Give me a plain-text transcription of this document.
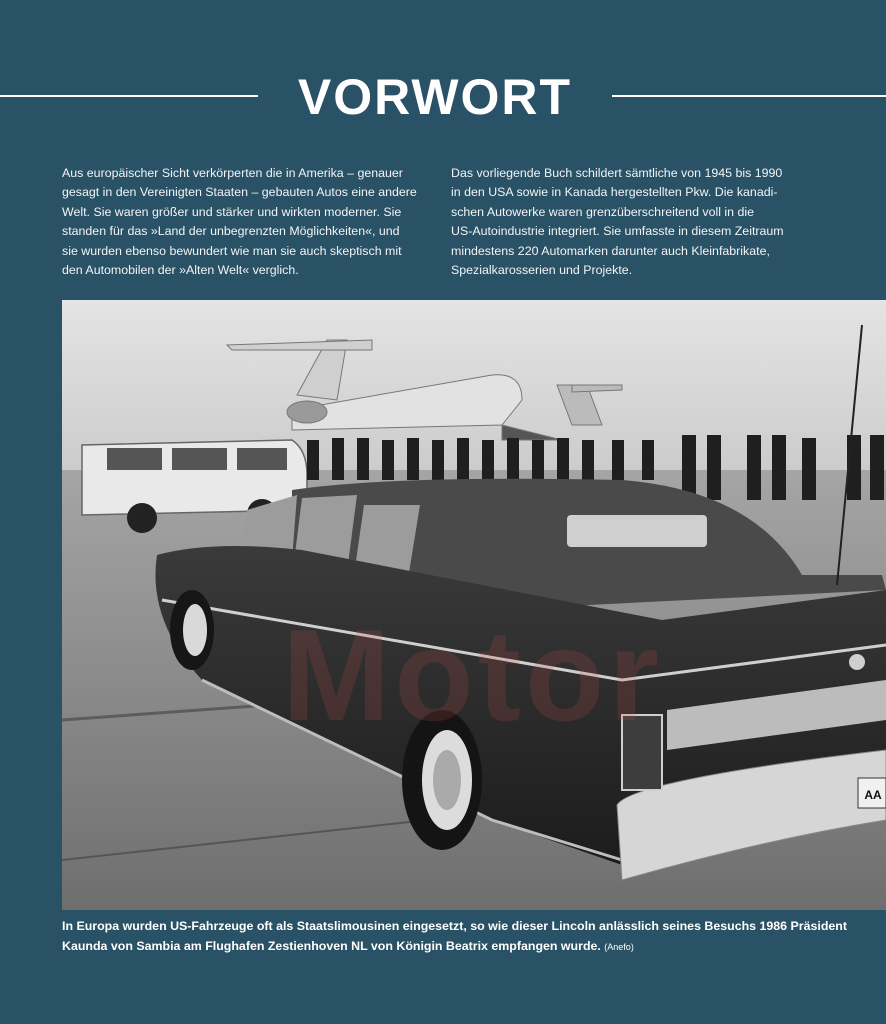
VORWORT
Aus europäischer Sicht verkörperten die in Amerika – genauer
gesagt in den Vereinigten Staaten – gebauten Autos eine andere
Welt. Sie waren größer und stärker und wirkten moderner. Sie
standen für das »Land der unbegrenzten Möglichkeiten«, und
sie wurden ebenso bewundert wie man sie auch skeptisch mit
den Automobilen der »Alten Welt« verglich.
Das vorliegende Buch schildert sämtliche von 1945 bis 1990
in den USA sowie in Kanada hergestellten Pkw. Die kanadi-
schen Autowerke waren grenzüberschreitend voll in die
US-Autoindustrie integriert. Sie umfasste in diesem Zeitraum
mindestens 220 Automarken darunter auch Kleinfabrikate,
Spezialkarosserien und Projekte.
AA
In Europa wurden US-Fahrzeuge oft als Staatslimousinen eingesetzt, so wie dieser Lincoln anlässlich seines Besuchs 1986 Präsident Kaunda von Sambia am Flughafen Zestienhoven NL von Königin Beatrix empfangen wurde. (Anefo)
